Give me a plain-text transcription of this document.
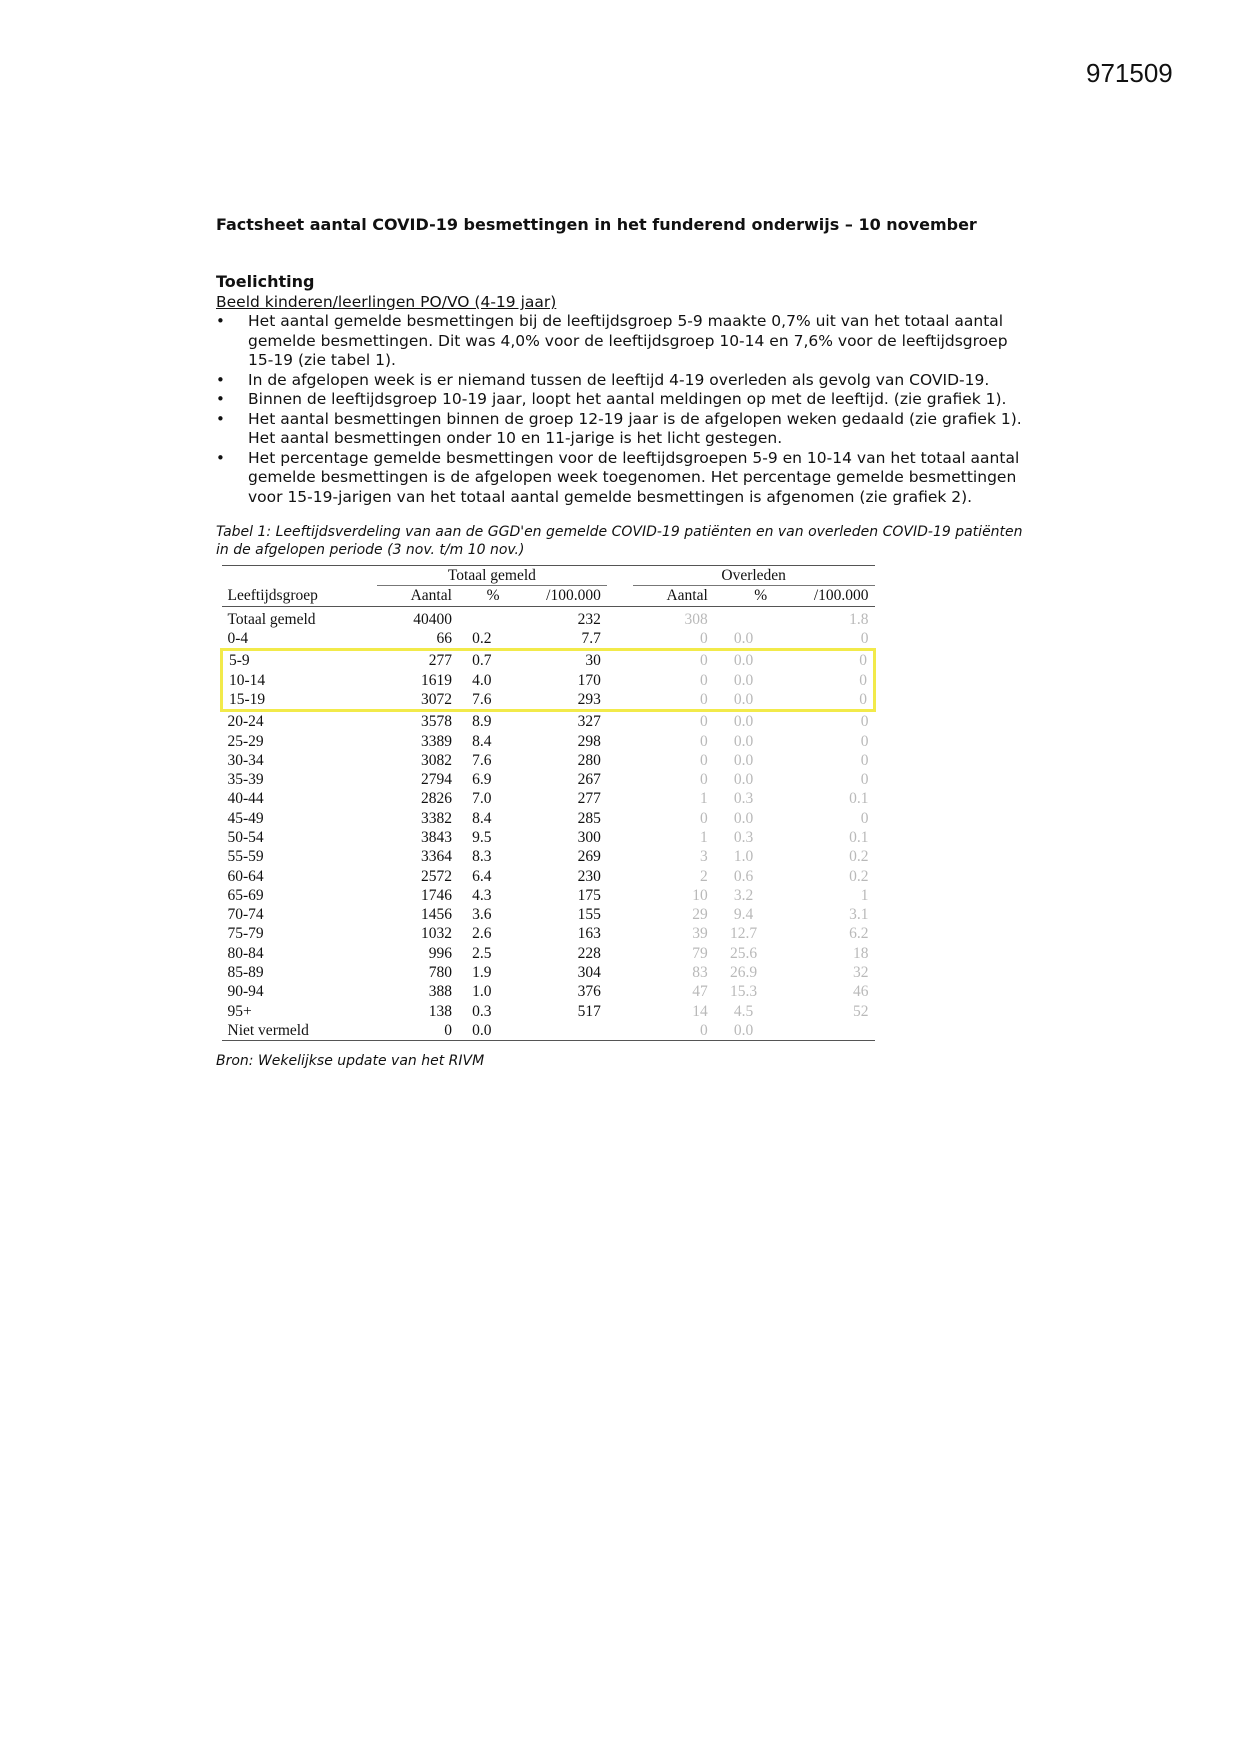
971509

Factsheet aantal COVID-19 besmettingen in het funderend onderwijs – 10 november

Toelichting

Beeld kinderen/leerlingen PO/VO (4-19 jaar)

• Het aantal gemelde besmettingen bij de leeftijdsgroep 5-9 maakte 0,7% uit van het totaal aantal gemelde besmettingen. Dit was 4,0% voor de leeftijdsgroep 10-14 en 7,6% voor de leeftijdsgroep 15-19 (zie tabel 1).
• In de afgelopen week is er niemand tussen de leeftijd 4-19 overleden als gevolg van COVID-19.
• Binnen de leeftijdsgroep 10-19 jaar, loopt het aantal meldingen op met de leeftijd. (zie grafiek 1).
• Het aantal besmettingen binnen de groep 12-19 jaar is de afgelopen weken gedaald (zie grafiek 1). Het aantal besmettingen onder 10 en 11-jarige is het licht gestegen.
• Het percentage gemelde besmettingen voor de leeftijdsgroepen 5-9 en 10-14 van het totaal aantal gemelde besmettingen is de afgelopen week toegenomen. Het percentage gemelde besmettingen voor 15-19-jarigen van het totaal aantal gemelde besmettingen is afgenomen (zie grafiek 2).

Tabel 1: Leeftijdsverdeling van aan de GGD'en gemelde COVID-19 patiënten en van overleden COVID-19 patiënten in de afgelopen periode (3 nov. t/m 10 nov.)

	Totaal gemeld				Overleden		
Leeftijdsgroep	Aantal	%	/100.000		Aantal	%	/100.000
Totaal gemeld	40400		232		308		1.8
0-4	66	0.2	7.7		0	0.0	0
5-9	277	0.7	30		0	0.0	0
10-14	1619	4.0	170		0	0.0	0
15-19	3072	7.6	293		0	0.0	0
20-24	3578	8.9	327		0	0.0	0
25-29	3389	8.4	298		0	0.0	0
30-34	3082	7.6	280		0	0.0	0
35-39	2794	6.9	267		0	0.0	0
40-44	2826	7.0	277		1	0.3	0.1
45-49	3382	8.4	285		0	0.0	0
50-54	3843	9.5	300		1	0.3	0.1
55-59	3364	8.3	269		3	1.0	0.2
60-64	2572	6.4	230		2	0.6	0.2
65-69	1746	4.3	175		10	3.2	1
70-74	1456	3.6	155		29	9.4	3.1
75-79	1032	2.6	163		39	12.7	6.2
80-84	996	2.5	228		79	25.6	18
85-89	780	1.9	304		83	26.9	32
90-94	388	1.0	376		47	15.3	46
95+	138	0.3	517		14	4.5	52
Niet vermeld	0	0.0			0	0.0	

Bron: Wekelijkse update van het RIVM
